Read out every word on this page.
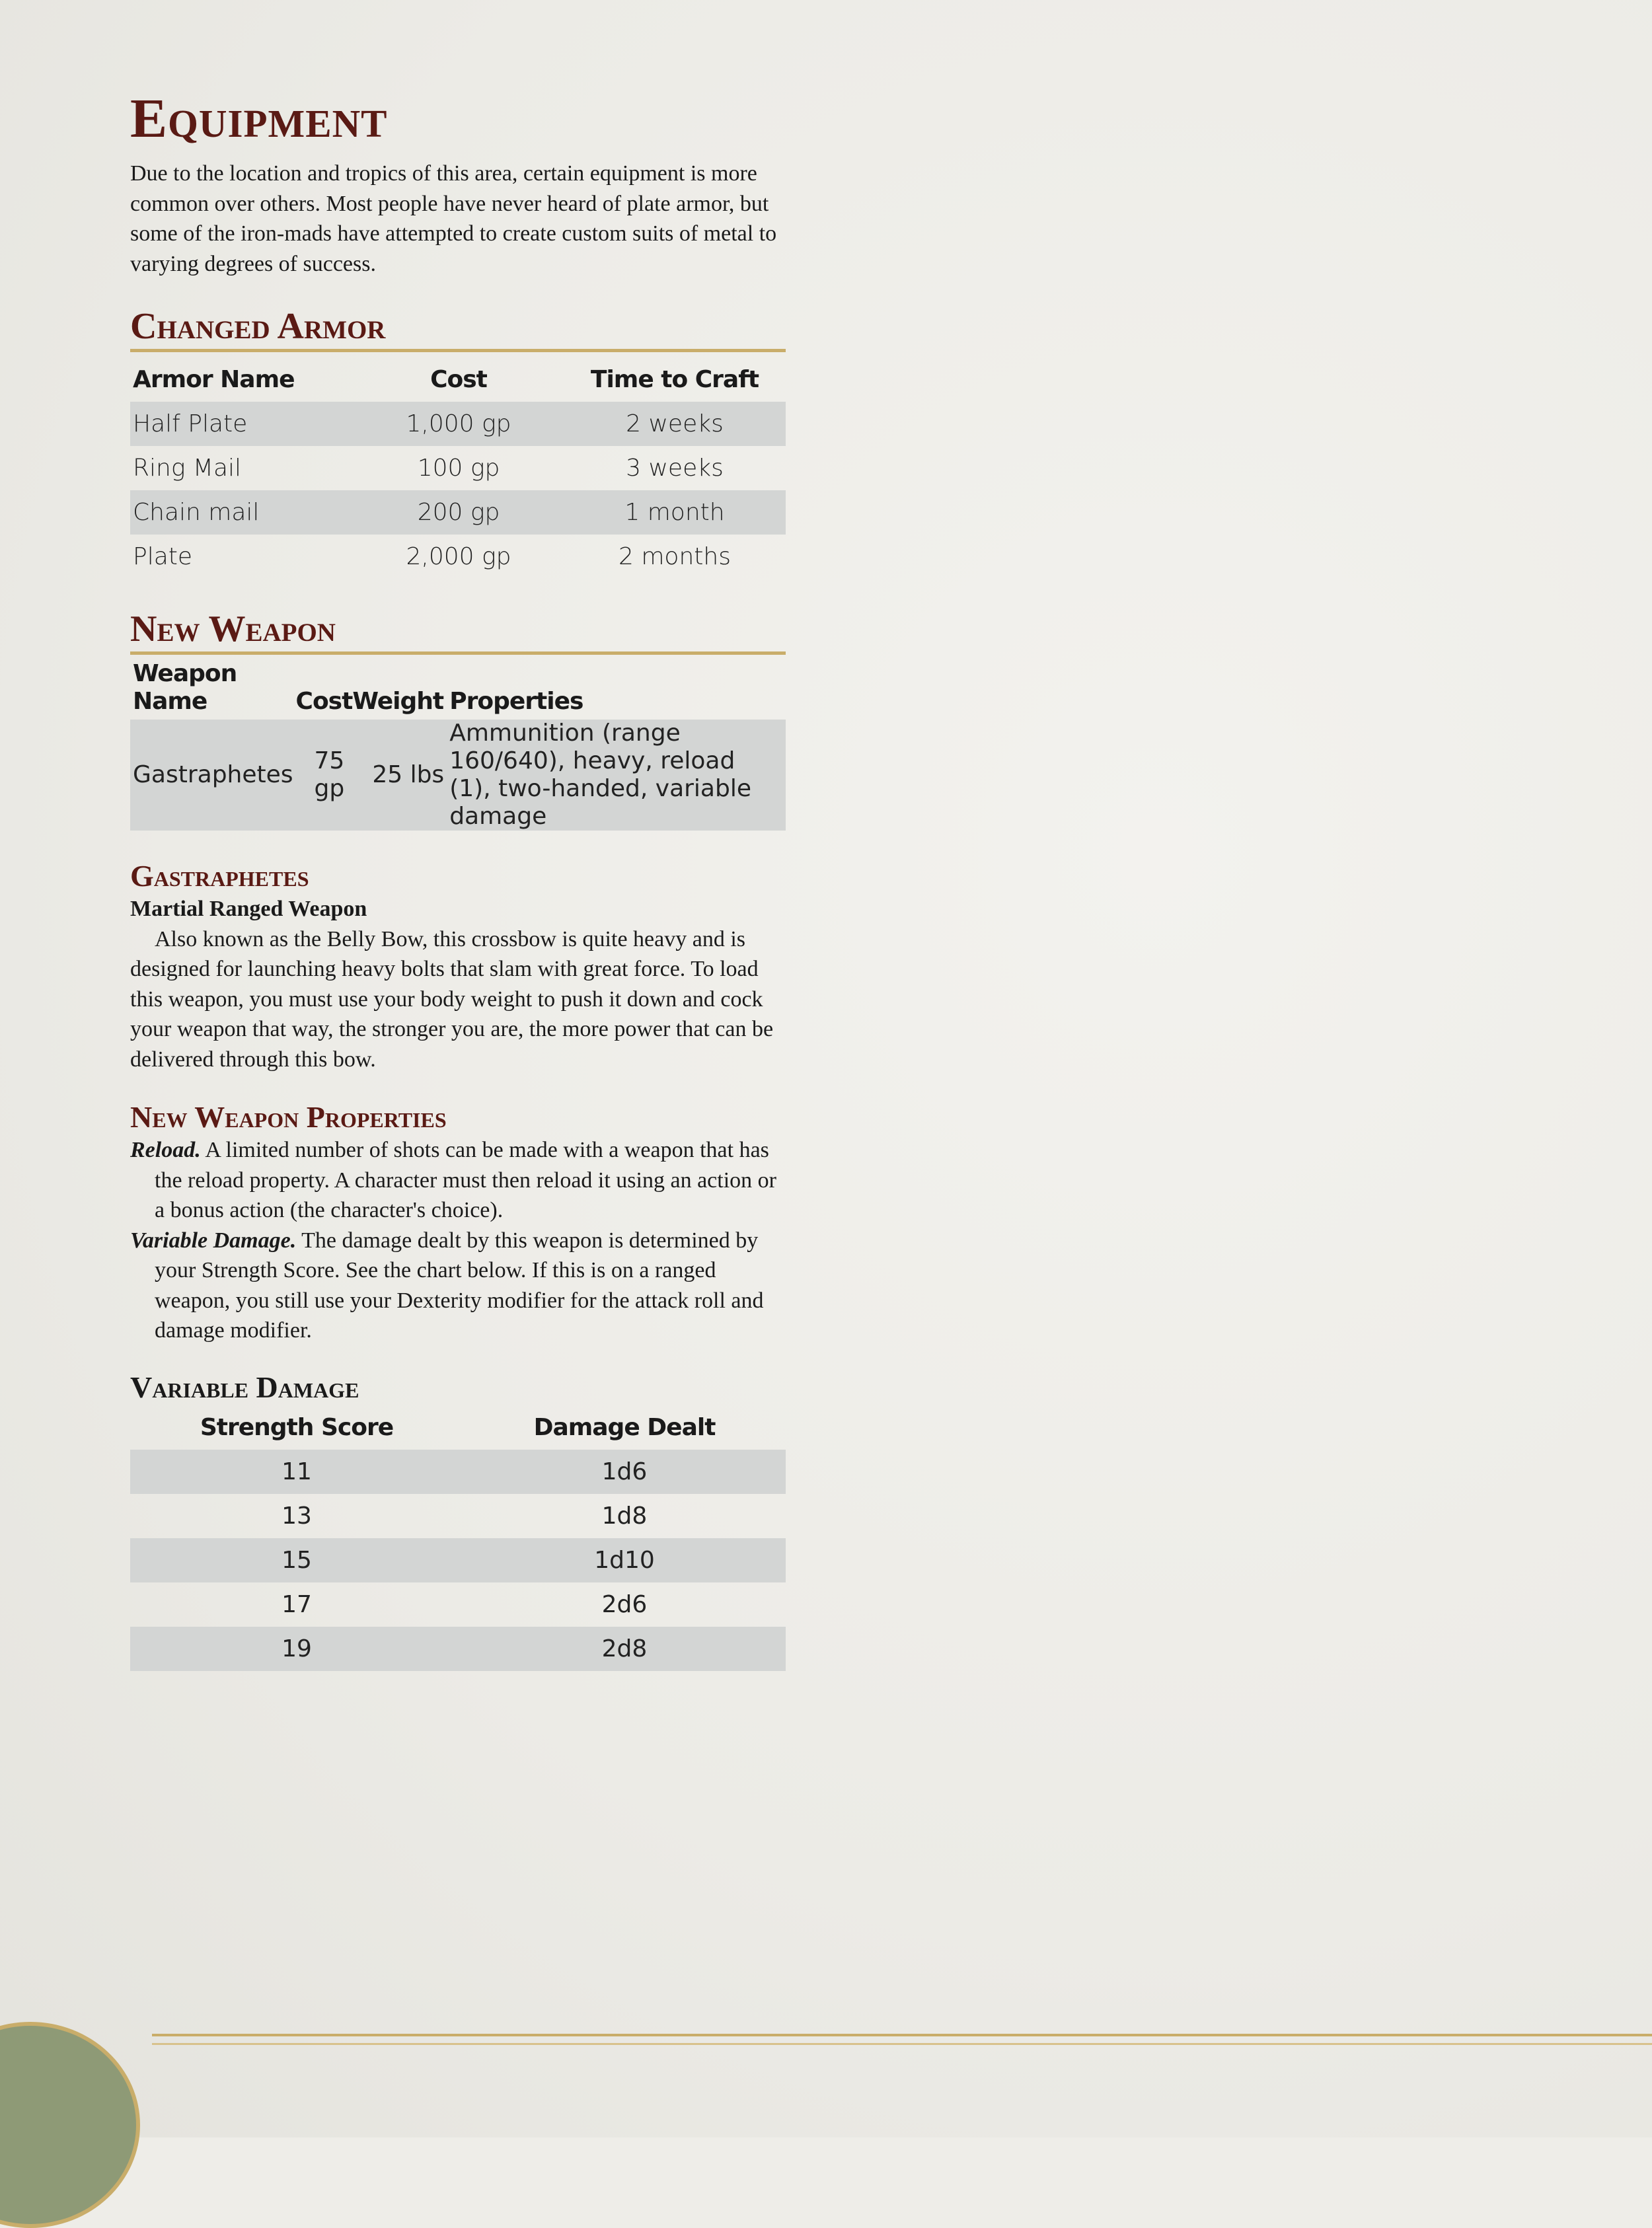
Equipment

Due to the location and tropics of this area, certain equipment is more common over others. Most people have never heard of plate armor, but some of the iron-mads have attempted to create custom suits of metal to varying degrees of success.

Changed Armor
Armor Name	Cost	Time to Craft
Half Plate	1,000 gp	2 weeks
Ring Mail	100 gp	3 weeks
Chain mail	200 gp	1 month
Plate	2,000 gp	2 months
New Weapon
Weapon Name	Cost	Weight	Properties
Gastraphetes	75 gp	25 lbs	Ammunition (range 160/640), heavy, reload (1), two-handed, variable damage
Gastraphetes

Martial Ranged Weapon

Also known as the Belly Bow, this crossbow is quite heavy and is designed for launching heavy bolts that slam with great force. To load this weapon, you must use your body weight to push it down and cock your weapon that way, the stronger you are, the more power that can be delivered through this bow.

New Weapon Properties

Reload. A limited number of shots can be made with a weapon that has the reload property. A character must then reload it using an action or a bonus action (the character's choice).

Variable Damage. The damage dealt by this weapon is determined by your Strength Score. See the chart below. If this is on a ranged weapon, you still use your Dexterity modifier for the attack roll and damage modifier.

Variable Damage
Strength Score	Damage Dealt
11	1d6
13	1d8
15	1d10
17	2d6
19	2d8
